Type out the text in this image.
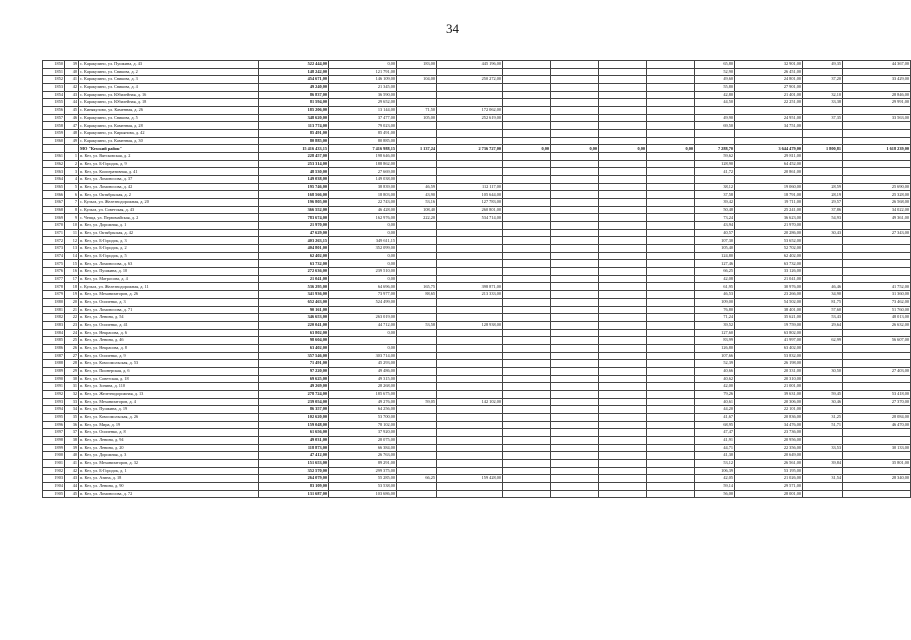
34
1850	39	с. Каракулино, ул. Пушкина, д. 43	522 444,00	0,00	183,00	445 196,00					65,80	32 901,00	49,35	44 367,00
1851	40	с. Каракулино, ул. Свикова, д. 2	148 242,00	121 791,00							52,90	26 451,00		
1852	41	с. Каракулино, ул. Свикова, д. 3	454 671,00	146 109,00	104,00	250 272,00					49,60	24 801,00	37,20	33 429,00
1853	42	с. Каракулино, ул. Свикова, д. 4	49 240,00	21 345,00							55,80	27 901,00		
1854	43	с. Каракулино, ул. Юбилейная, д. 16	86 837,00	36 590,00							42,80	21 401,00	32,10	28 846,00
1855	44	с. Каракулино, ул. Юбилейная, д. 18	81 594,00	29 652,00							44,50	22 251,00	33,38	29 991,00
1856	45	с. Кинякулово, ул. Каменная, д. 26	185 206,00	13 144,00	71,50	172 062,00								
1857	46	с. Каракулино, ул. Свикова, д. 5	348 620,00	37 477,00	105,00	252 619,00					49,90	24 951,00	37,35	33 563,00
1858	47	с. Каракулино, ул. Каменная, д. 28	113 774,00	79 023,00							69,50	34 751,00		
1859	48	с. Каракулино, ул. Кирьянова, д. 42	85 491,00	85 491,00										
1860	49	с. Каракулино, ул. Каменная, д. 30	80 885,00	80 885,00										
		МО "Кезский район"	15 416 433,15	7 416 988,15	1 137,24	2 736 727,00	0,00	0,00	0,00	0,00	7 288,70	3 644 479,00	1 800,81	1 618 239,00
1861	1	п. Кез, ул. Вятсковская, д. 2	228 457,00	198 646,00							59,62	29 811,00		
1862	2	п. Кез, ул. Б-Городок, д. 9	253 314,00	188 862,00							128,90	64 452,00		
1863	3	п. Кез, ул. Кооперативная, д. 41	48 530,00	27 669,00							41,72	20 861,00		
1864	4	п. Кез, ул. Ломоносова, д. 37	149 038,00	149 038,00										
1865	5	п. Кез, ул. Ломоносова, д. 42	195 746,00	38 839,00	46,59	112 117,00					38,12	19 060,00	28,59	25 690,00
1866	6	п. Кез, ул. Октябрьская, д. 2	168 566,00	18 803,00	43,90	105 644,00					37,58	18 791,00	28,19	25 328,00
1867	7	с. Кульга, ул. Железнодорожная, д. 20	196 805,00	22 743,00	53,16	127 783,00					39,42	19 711,00	29,57	26 568,00
1868	8	с. Кульга, ул. Советская, д. 43	366 552,00	46 428,00	108,40	260 801,00					50,48	25 241,00	37,86	34 022,00
1869	9	с. Чепца, ул. Первомайская, д. 2	783 674,00	162 976,00	222,20	534 714,00					73,24	36 623,00	54,93	49 361,00
1870	10	п. Кез, ул. Дорожная, д. 1	21 970,00	0,00							43,94	21 970,00		
1871	11	п. Кез, ул. Октябрьская, д. 42	47 629,00	0,00							40,57	20 286,00	30,43	27 343,00
1872	12	п. Кез, ул. Б-Городок, д. 3	403 263,15	349 611,15							107,30	53 652,00		
1873	13	п. Кез, ул. Б-Городок, д. 2	404 801,00	352 099,00							105,40	52 702,00		
1874	14	п. Кез, ул. Б-Городок, д. 5	62 402,00	0,00							124,80	62 402,00		
1875	15	п. Кез, ул. Ломоносова, д. 63	63 732,00	0,00							127,46	63 732,00		
1876	16	п. Кез, ул. Пушкина, д. 10	272 636,00	239 510,00							66,25	33 126,00		
1877	17	п. Кез, ул. Матросова, д. 4	21 041,00	0,00							42,08	21 041,00		
1878	18	с. Кульга, ул. Железнодорожная, д. 11	536 295,00	64 696,00	165,75	398 871,00					61,95	30 976,00	46,46	41 752,00
1879	19	п. Кез, ул. Механизаторов, д. 26	341 936,00	73 977,00	88,65	213 333,00					46,53	23 266,00	34,90	31 360,00
1880	20	п. Кез, ул. Осипенко, д. 3	652 463,00	524 499,00							109,00	54 502,00	81,75	73 462,00
1881	21	п. Кез, ул. Ломоносова, д. 71	90 161,00								76,80	38 401,00	57,60	51 760,00
1882	22	п. Кез, ул. Ленина, д. 54	346 653,00	263 019,00							71,24	35 621,00	53,43	48 013,00
1883	23	п. Кез, ул. Осипенко, д. 41	220 041,00	44 712,00	53,58	128 938,00					39,52	19 759,00	29,64	26 632,00
1884	24	п. Кез, ул. Некрасова, д. 6	63 802,00	0,00							127,60	63 802,00		
1885	25	п. Кез, ул. Ленина, д. 46	98 604,00								83,99	41 997,00	62,99	56 607,00
1886	26	п. Кез, ул. Некрасова, д. 8	63 402,00	0,00							126,80	63 402,00		
1887	27	п. Кез, ул. Осипенко, д. 9	357 546,00	303 714,00							107,66	53 832,00		
1888	28	п. Кез, ул. Комсомольская, д. 53	71 491,00	45 293,00							52,39	26 198,00		
1889	29	п. Кез, ул. Пионерская, д. 6	97 220,00	49 486,00							40,66	20 331,00	30,50	27 403,00
1890	30	п. Кез, ул. Советская, д. 18	69 625,00	49 315,00							40,62	20 310,00		
1891	31	п. Кез, ул. Зонина, д. 110	49 269,00	28 268,00							42,00	21 001,00		
1892	32	п. Кез, ул. Железнодорожная, д. 13	278 724,00	185 675,00							79,26	39 631,00	59,45	53 418,00
1893	33	п. Кез, ул. Механизаторов, д. 4	239 054,00	49 276,00	59,05	142 102,00					40,61	20 306,00	30,46	27 370,00
1894	34	п. Кез, ул. Пушкина, д. 19	86 357,00	64 256,00							44,20	22 101,00		
1895	35	п. Кез, ул. Комсомольская, д. 26	102 620,00	53 700,00							41,67	20 836,00	31,25	28 084,00
1896	36	п. Кез, ул. Мира, д. 19	159 048,00	78 102,00							68,95	34 476,00	51,71	46 470,00
1897	37	п. Кез, ул. Осипенко, д. 8	61 656,00	37 920,00							47,47	23 736,00		
1898	38	п. Кез, ул. Ленина, д. 94	49 031,00	28 075,00							41,91	20 956,00		
1899	39	п. Кез, ул. Ленина, д. 20	118 873,00	66 384,00							44,71	22 356,00	33,53	30 133,00
1900	40	п. Кез, ул. Дорожная, д. 3	47 412,00	26 763,00							41,30	20 649,00		
1901	41	п. Кез, ул. Механизаторов, д. 32	151 653,00	89 291,00							53,12	26 561,00	39,84	35 801,00
1902	42	п. Кез, ул. Б-Городок, д. 1	352 570,00	299 375,00							106,39	53 195,00		
1903	43	п. Кез, ул. Азина, д. 18	264 079,00	55 285,00	66,25	159 428,00					42,05	21 026,00	31,54	28 340,00
1904	44	п. Кез, ул. Ленина, д. 90	83 109,00	53 538,00							59,14	29 571,00		
1905	45	п. Кез, ул. Ломоносова, д. 72	131 687,00	103 686,00							56,00	28 001,00		
